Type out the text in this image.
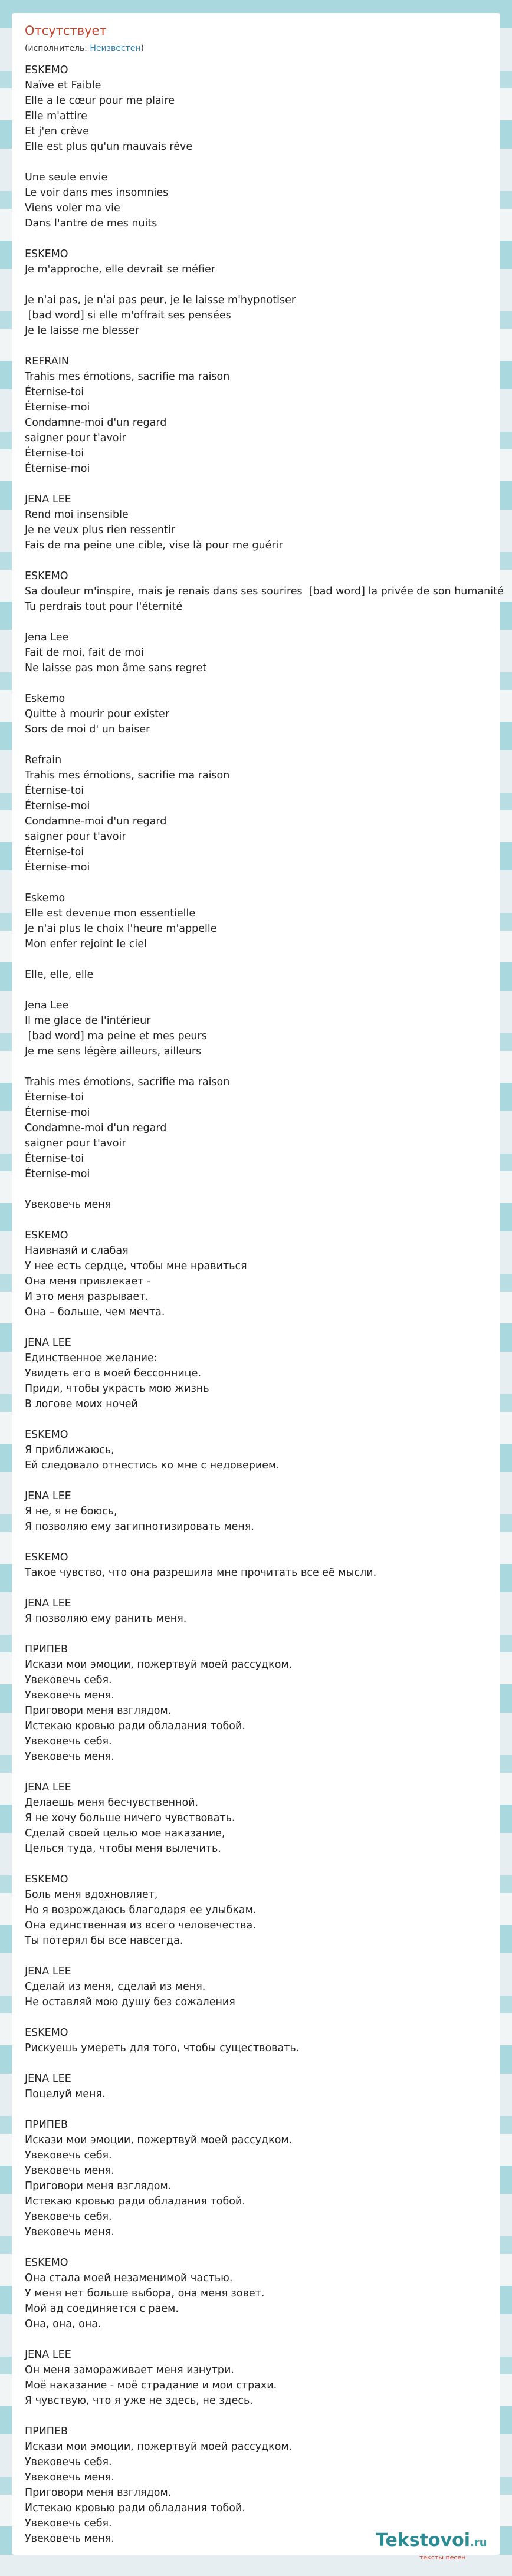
Отсутствует
(исполнитель: Неизвестен)
ESKEMO
Naïve et Faible
Elle a le cœur pour me plaire
Elle m'attire
Et j'en crève
Elle est plus qu'un mauvais rêve

Une seule envie
Le voir dans mes insomnies
Viens voler ma vie
Dans l'antre de mes nuits

ESKEMO
Je m'approche, elle devrait se méfier

Je n'ai pas, je n'ai pas peur, je le laisse m'hypnotiser
[bad word] si elle m'offrait ses pensées
Je le laisse me blesser

REFRAIN
Trahis mes émotions, sacrifie ma raison
Éternise-toi
Éternise-moi
Condamne-moi d'un regard
saigner pour t'avoir
Éternise-toi
Éternise-moi

JENA LEE
Rend moi insensible
Je ne veux plus rien ressentir
Fais de ma peine une cible, vise là pour me guérir

ESKEMO
Sa douleur m'inspire, mais je renais dans ses sourires  [bad word] la privée de son humanité
Tu perdrais tout pour l'éternité

Jena Lee
Fait de moi, fait de moi
Ne laisse pas mon âme sans regret

Eskemo
Quitte à mourir pour exister
Sors de moi d' un baiser

Refrain
Trahis mes émotions, sacrifie ma raison
Éternise-toi
Éternise-moi
Condamne-moi d'un regard
saigner pour t'avoir
Éternise-toi
Éternise-moi

Eskemo
Elle est devenue mon essentielle
Je n'ai plus le choix l'heure m'appelle
Mon enfer rejoint le ciel

Elle, elle, elle

Jena Lee
Il me glace de l'intérieur
[bad word] ma peine et mes peurs
Je me sens légère ailleurs, ailleurs

Trahis mes émotions, sacrifie ma raison
Éternise-toi
Éternise-moi
Condamne-moi d'un regard
saigner pour t'avoir
Éternise-toi
Éternise-moi

Увековечь меня

ESKEMO
Наивнаяй и слабая
У нее есть сердце, чтобы мне нравиться
Она меня привлекает -
И это меня разрывает.
Она – больше, чем мечта.

JENA LEE
Единственное желание:
Увидеть его в моей бессоннице.
Приди, чтобы украсть мою жизнь
В логове моих ночей

ESKEMO
Я приближаюсь,
Ей следовало отнестись ко мне с недоверием.

JENA LEE
Я не, я не боюсь,
Я позволяю ему загипнотизировать меня.

ESKEMO
Такое чувство, что она разрешила мне прочитать все её мысли.

JENA LEE
Я позволяю ему ранить меня.

ПРИПЕВ
Искази мои эмоции, пожертвуй моей рассудком.
Увековечь себя.
Увековечь меня.
Приговори меня взглядом.
Истекаю кровью ради обладания тобой.
Увековечь себя.
Увековечь меня.

JENA LEE
Делаешь меня бесчувственной.
Я не хочу больше ничего чувствовать.
Сделай своей целью мое наказание,
Целься туда, чтобы меня вылечить.

ESKEMO
Боль меня вдохновляет,
Но я возрождаюсь благодаря ее улыбкам.
Она единственная из всего человечества.
Ты потерял бы все навсегда.

JENA LEE
Сделай из меня, сделай из меня.
Не оставляй мою душу без сожаления

ESKEMO
Рискуешь умереть для того, чтобы существовать.

JENA LEE
Поцелуй меня.

ПРИПЕВ
Искази мои эмоции, пожертвуй моей рассудком.
Увековечь себя.
Увековечь меня.
Приговори меня взглядом.
Истекаю кровью ради обладания тобой.
Увековечь себя.
Увековечь меня.

ESKEMO
Она стала моей незаменимой частью.
У меня нет больше выбора, она меня зовет.
Мой ад соединяется с раем.
Она, она, она.

JENA LEE
Он меня замораживает меня изнутри.
Моё наказание - моё страдание и мои страхи.
Я чувствую, что я уже не здесь, не здесь.

ПРИПЕВ
Искази мои эмоции, пожертвуй моей рассудком.
Увековечь себя.
Увековечь меня.
Приговори меня взглядом.
Истекаю кровью ради обладания тобой.
Увековечь себя.
Увековечь меня.	Tekstovoi.ru
тексты песен
